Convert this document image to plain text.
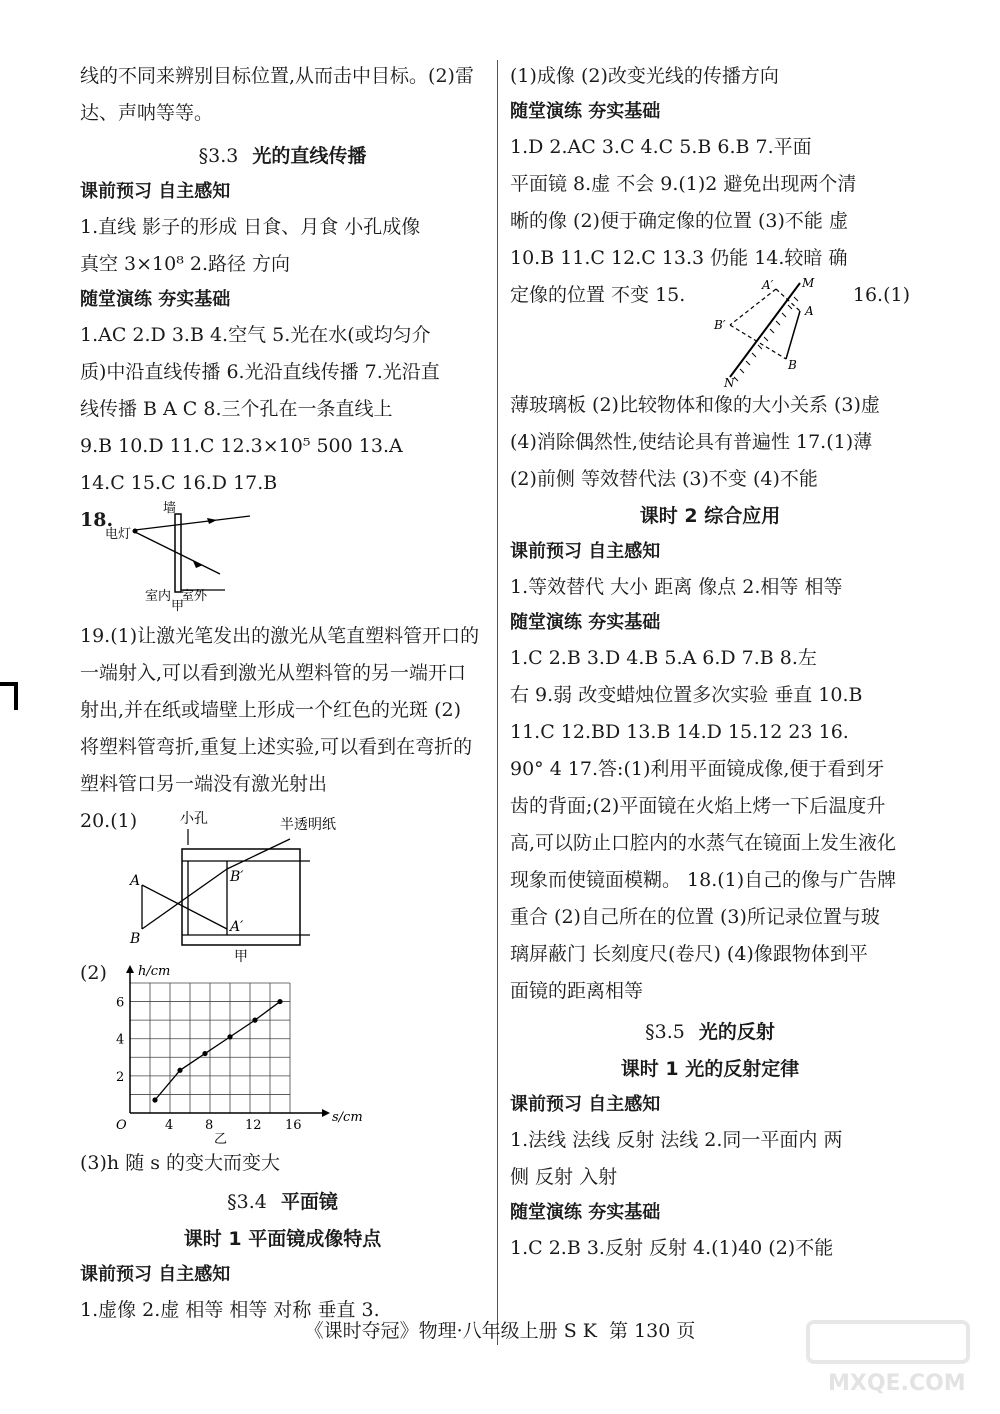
线的不同来辨别目标位置,从而击中目标。(2)雷

达、声呐等等。

§3.3 光的直线传播

课前预习 自主感知

1.直线 影子的形成 日食、月食 小孔成像

真空 3×10⁸ 2.路径 方向

随堂演练 夯实基础

1.AC 2.D 3.B 4.空气 5.光在水(或均匀介

质)中沿直线传播 6.光沿直线传播 7.光沿直

线传播 B A C 8.三个孔在一条直线上

9.B 10.D 11.C 12.3×10⁵ 500 13.A

14.C 15.C 16.D 17.B

18.

墙
电灯
室内 室外
甲

19.(1)让激光笔发出的激光从笔直塑料管开口的

一端射入,可以看到激光从塑料管的另一端开口

射出,并在纸或墙壁上形成一个红色的光斑 (2)

将塑料管弯折,重复上述实验,可以看到在弯折的

塑料管口另一端没有激光射出

20.(1)	小孔	半透明纸
A
B
B′
A′
甲

(2)

4 8 12 16
2
4
6
O
s/cm
h/cm
乙

(3)h 随 s 的变大而变大

§3.4 平面镜

课时 1 平面镜成像特点

课前预习 自主感知

1.虚像 2.虚 相等 相等 对称 垂直 3.

(1)成像 (2)改变光线的传播方向

随堂演练 夯实基础

1.D 2.AC 3.C 4.C 5.B 6.B 7.平面

平面镜 8.虚 不会 9.(1)2 避免出现两个清

晰的像 (2)便于确定像的位置 (3)不能 虚

10.B 11.C 12.C 13.3 仍能 14.较暗 确

定像的位置 不变 15.	16.(1)

A′ M
A
B′
B
N

薄玻璃板 (2)比较物体和像的大小关系 (3)虚

(4)消除偶然性,使结论具有普遍性 17.(1)薄

(2)前侧 等效替代法 (3)不变 (4)不能

课时 2 综合应用

课前预习 自主感知

1.等效替代 大小 距离 像点 2.相等 相等

随堂演练 夯实基础

1.C 2.B 3.D 4.B 5.A 6.D 7.B 8.左

右 9.弱 改变蜡烛位置多次实验 垂直 10.B

11.C 12.BD 13.B 14.D 15.12 23 16.

90° 4 17.答:(1)利用平面镜成像,便于看到牙

齿的背面;(2)平面镜在火焰上烤一下后温度升

高,可以防止口腔内的水蒸气在镜面上发生液化

现象而使镜面模糊。 18.(1)自己的像与广告牌

重合 (2)自己所在的位置 (3)所记录位置与玻

璃屏蔽门 长刻度尺(卷尺) (4)像跟物体到平

面镜的距离相等

§3.5 光的反射

课时 1 光的反射定律

课前预习 自主感知

1.法线 法线 反射 法线 2.同一平面内 两

侧 反射 入射

随堂演练 夯实基础

1.C 2.B 3.反射 反射 4.(1)40 (2)不能

《课时夺冠》物理·八年级上册 S K 第 130 页
MXQE.COM
